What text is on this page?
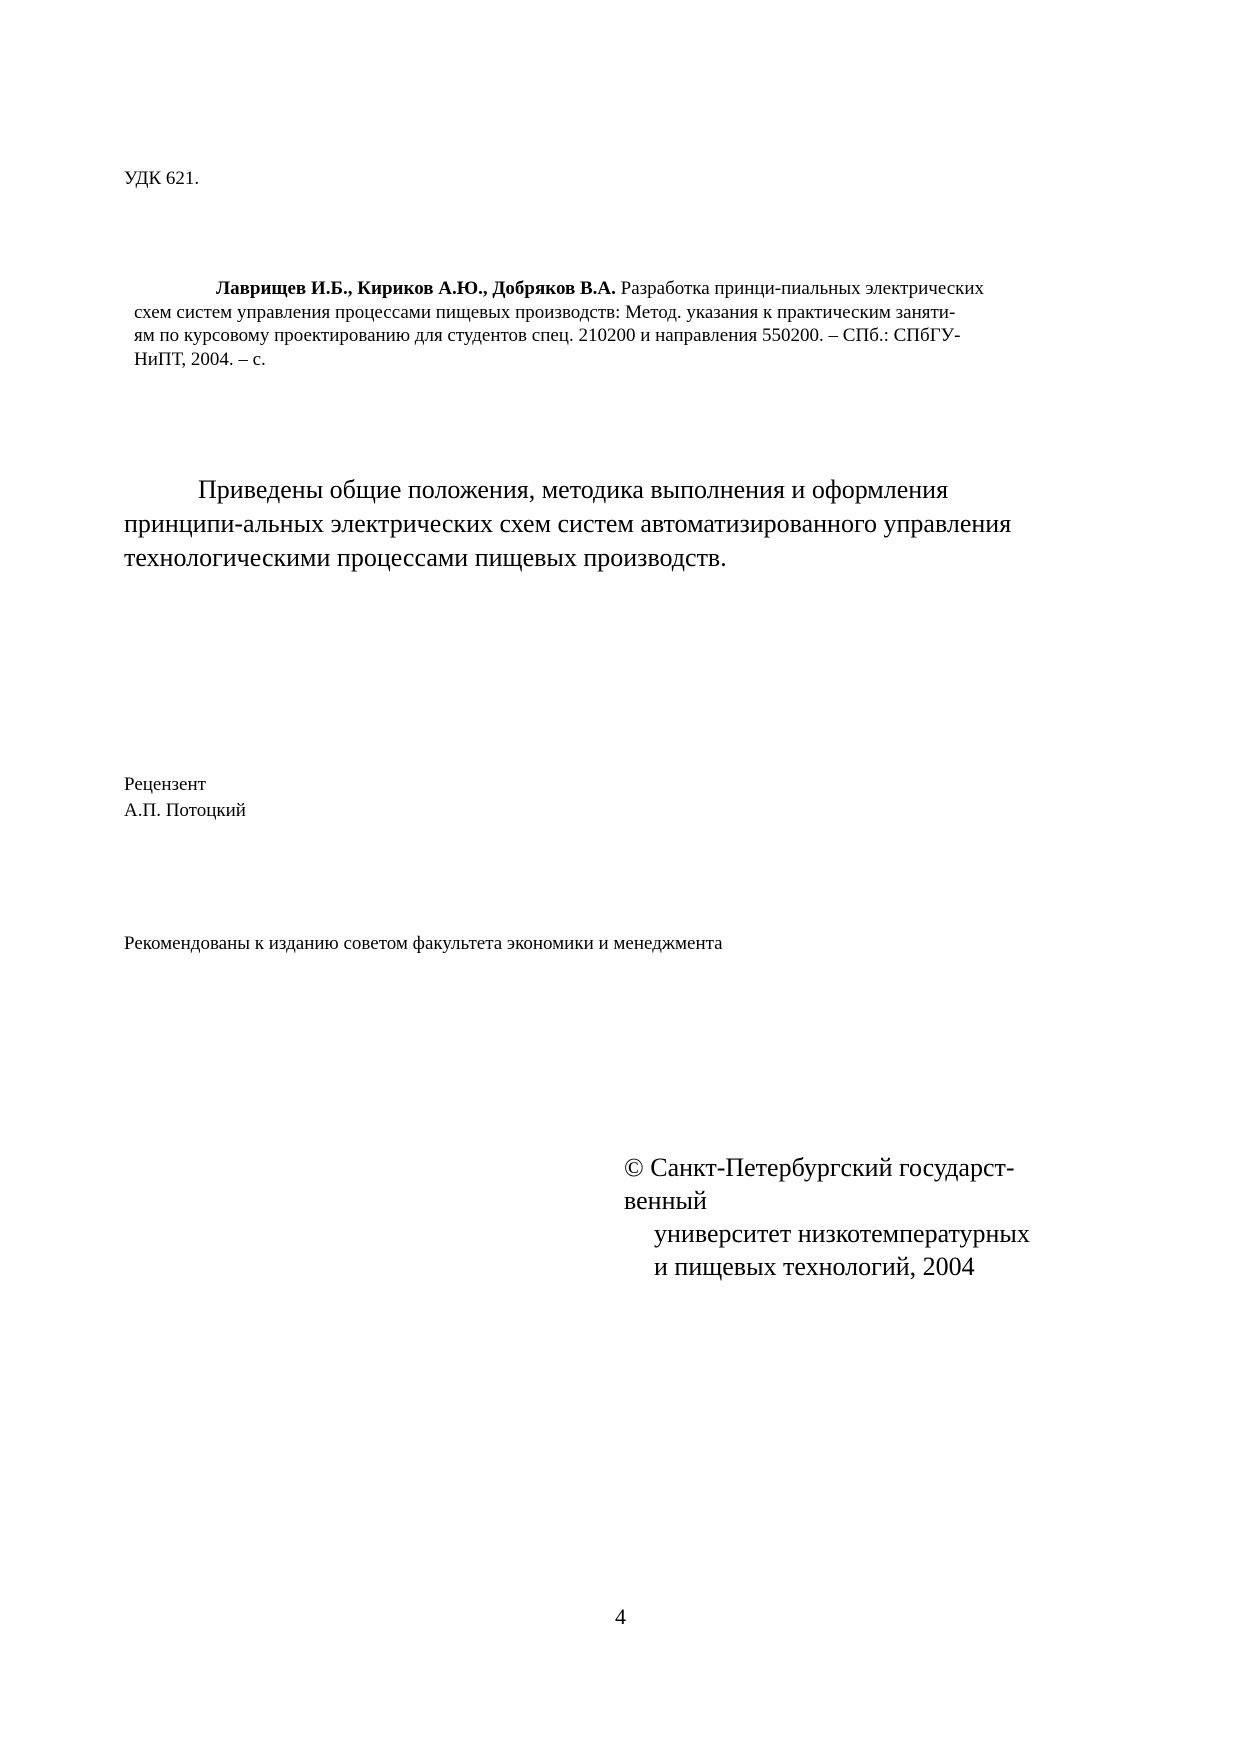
УДК 621.
Лаврищев И.Б., Кириков А.Ю., Добряков В.А. Разработка принци-пиальных электрических
схем систем управления процессами пищевых производств: Метод. указания к практическим заняти-
ям по курсовому проектированию для студентов спец. 210200 и направления 550200. – СПб.: СПбГУ-
НиПТ, 2004. – с.
Приведены общие положения, методика выполнения и оформления
принципи-альных электрических схем систем автоматизированного управления
технологическими процессами пищевых производств.
Рецензент
А.П. Потоцкий
Рекомендованы к изданию советом факультета экономики и менеджмента
© Санкт-Петербургский государст-
венный
университет низкотемпературных
и пищевых технологий, 2004
4
